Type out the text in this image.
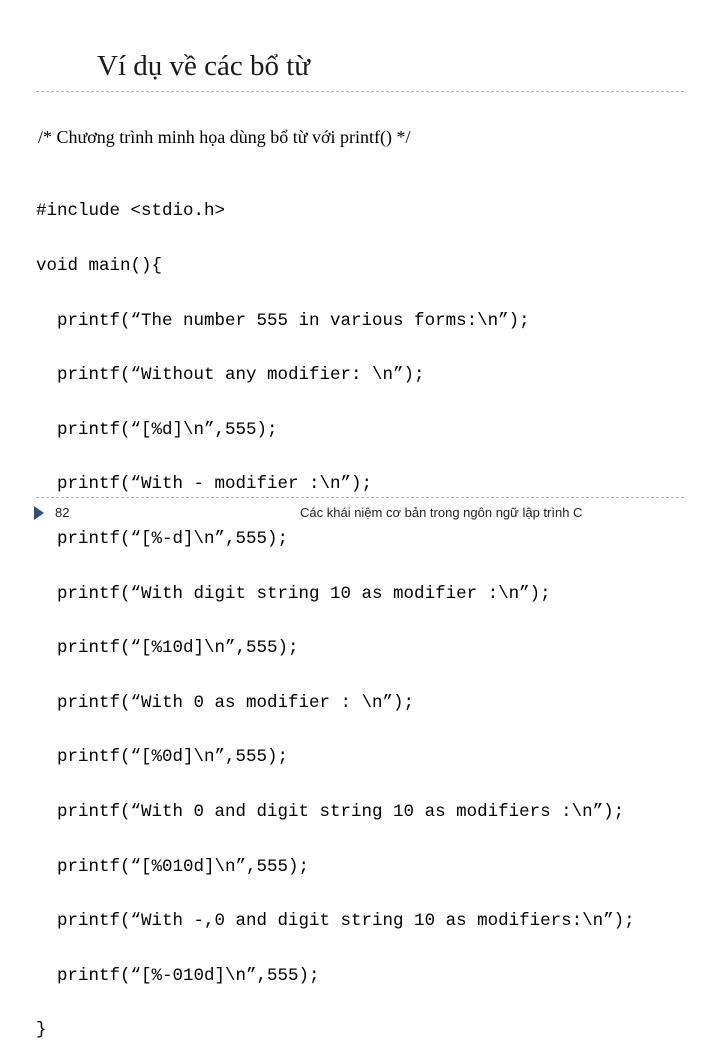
Ví dụ về các bổ từ
/* Chương trình minh họa dùng bổ từ với printf() */

#include <stdio.h>

void main(){

printf(“The number 555 in various forms:\n”);

printf(“Without any modifier: \n”);

printf(“[%d]\n”,555);

printf(“With - modifier :\n”);

printf(“[%-d]\n”,555);

printf(“With digit string 10 as modifier :\n”);

printf(“[%10d]\n”,555);

printf(“With 0 as modifier : \n”);

printf(“[%0d]\n”,555);

printf(“With 0 and digit string 10 as modifiers :\n”);

printf(“[%010d]\n”,555);

printf(“With -,0 and digit string 10 as modifiers:\n”);

printf(“[%-010d]\n”,555);

}

82	Các khái niệm cơ bản trong ngôn ngữ lập trình C
